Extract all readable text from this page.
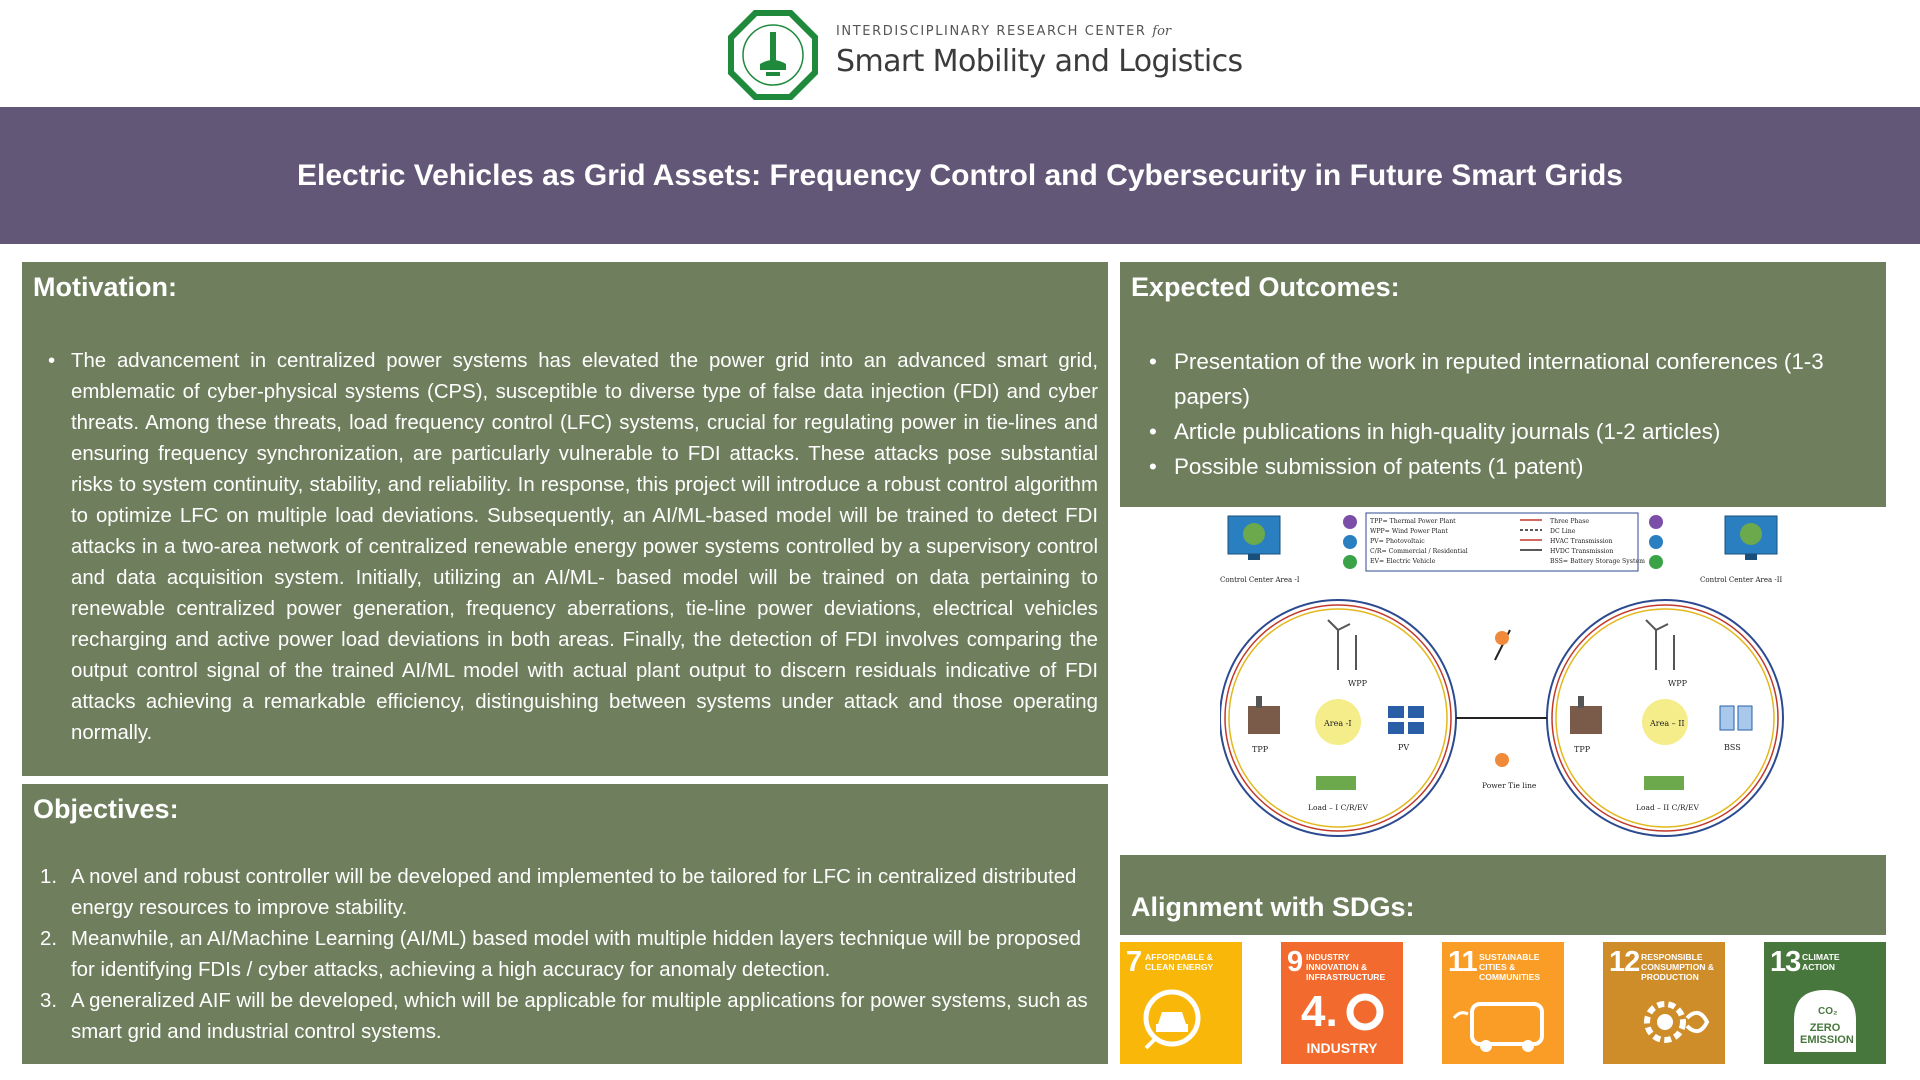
INTERDISCIPLINARY RESEARCH CENTER for
Smart Mobility and Logistics
Electric Vehicles as Grid Assets: Frequency Control and Cybersecurity in Future Smart Grids
Motivation:
• The advancement in centralized power systems has elevated the power grid into an advanced smart grid, emblematic of cyber-physical systems (CPS), susceptible to diverse type of false data injection (FDI) and cyber threats. Among these threats, load frequency control (LFC) systems, crucial for regulating power in tie-lines and ensuring frequency synchronization, are particularly vulnerable to FDI attacks. These attacks pose substantial risks to system continuity, stability, and reliability. In response, this project will introduce a robust control algorithm to optimize LFC on multiple load deviations. Subsequently, an AI/ML-based model will be trained to detect FDI attacks in a two-area network of centralized renewable energy power systems controlled by a supervisory control and data acquisition system. Initially, utilizing an AI/ML- based model will be trained on data pertaining to renewable centralized power generation, frequency aberrations, tie-line power deviations, electrical vehicles recharging and active power load deviations in both areas. Finally, the detection of FDI involves comparing the output control signal of the trained AI/ML model with actual plant output to discern residuals indicative of FDI attacks achieving a remarkable efficiency, distinguishing between systems under attack and those operating normally.
Objectives:
1. A novel and robust controller will be developed and implemented to be tailored for LFC in centralized distributed energy resources to improve stability.
2. Meanwhile, an AI/Machine Learning (AI/ML) based model with multiple hidden layers technique will be proposed for identifying FDIs / cyber attacks, achieving a high accuracy for anomaly detection.
3. A generalized AIF will be developed, which will be applicable for multiple applications for power systems, such as smart grid and industrial control systems.
Expected Outcomes:
• Presentation of the work in reputed international conferences (1-3 papers)
• Article publications in high-quality journals (1-2 articles)
• Possible submission of patents (1 patent)
TPP= Thermal Power Plant
WPP= Wind Power Plant
PV= Photovoltaic
C/R= Commercial / Residential
EV= Electric Vehicle
Three Phase
DC Line
HVAC Transmission
HVDC Transmission
BSS= Battery Storage System
Control Center Area -I	Control Center Area -II
Area -I	Area – II
WPP
TPP	PV
Load – I C/R/EV
WPP
TPP	BSS
Load – II C/R/EV
Power Tie line
Alignment with SDGs:
7 AFFORDABLE & CLEAN ENERGY	9 INDUSTRY INNOVATION & INFRASTRUCTURE
4.
INDUSTRY
11 SUSTAINABLE CITIES & COMMUNITIES	12 RESPONSIBLE CONSUMPTION & PRODUCTION	13 CLIMATE ACTION
CO₂
ZERO EMISSION
